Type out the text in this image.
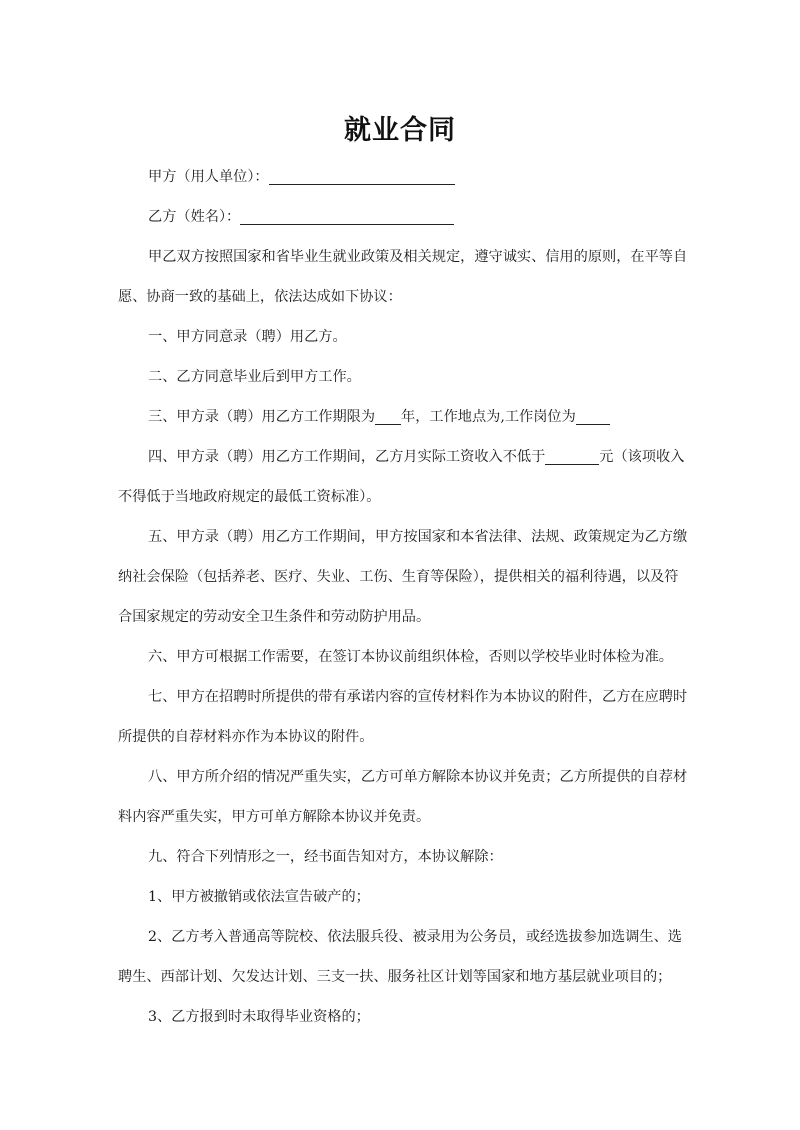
就业合同
甲方（用人单位）：
乙方（姓名）：
甲乙双方按照国家和省毕业生就业政策及相关规定，遵守诚实、信用的原则，在平等自
愿、协商一致的基础上，依法达成如下协议：
一、甲方同意录（聘）用乙方。
二、乙方同意毕业后到甲方工作。
三、甲方录（聘）用乙方工作期限为 年，工作地点为,工作岗位为
四、甲方录（聘）用乙方工作期间，乙方月实际工资收入不低于	元（该项收入
不得低于当地政府规定的最低工资标准）。
五、甲方录（聘）用乙方工作期间，甲方按国家和本省法律、法规、政策规定为乙方缴
纳社会保险（包括养老、医疗、失业、工伤、生育等保险），提供相关的福利待遇，以及符
合国家规定的劳动安全卫生条件和劳动防护用品。
六、甲方可根据工作需要，在签订本协议前组织体检，否则以学校毕业时体检为准。
七、甲方在招聘时所提供的带有承诺内容的宣传材料作为本协议的附件，乙方在应聘时
所提供的自荐材料亦作为本协议的附件。
八、甲方所介绍的情况严重失实，乙方可单方解除本协议并免责；乙方所提供的自荐材
料内容严重失实，甲方可单方解除本协议并免责。
九、符合下列情形之一，经书面告知对方，本协议解除：
1、甲方被撤销或依法宣告破产的；
2、乙方考入普通高等院校、依法服兵役、被录用为公务员，或经选拔参加选调生、选
聘生、西部计划、欠发达计划、三支一扶、服务社区计划等国家和地方基层就业项目的；
3、乙方报到时未取得毕业资格的；
